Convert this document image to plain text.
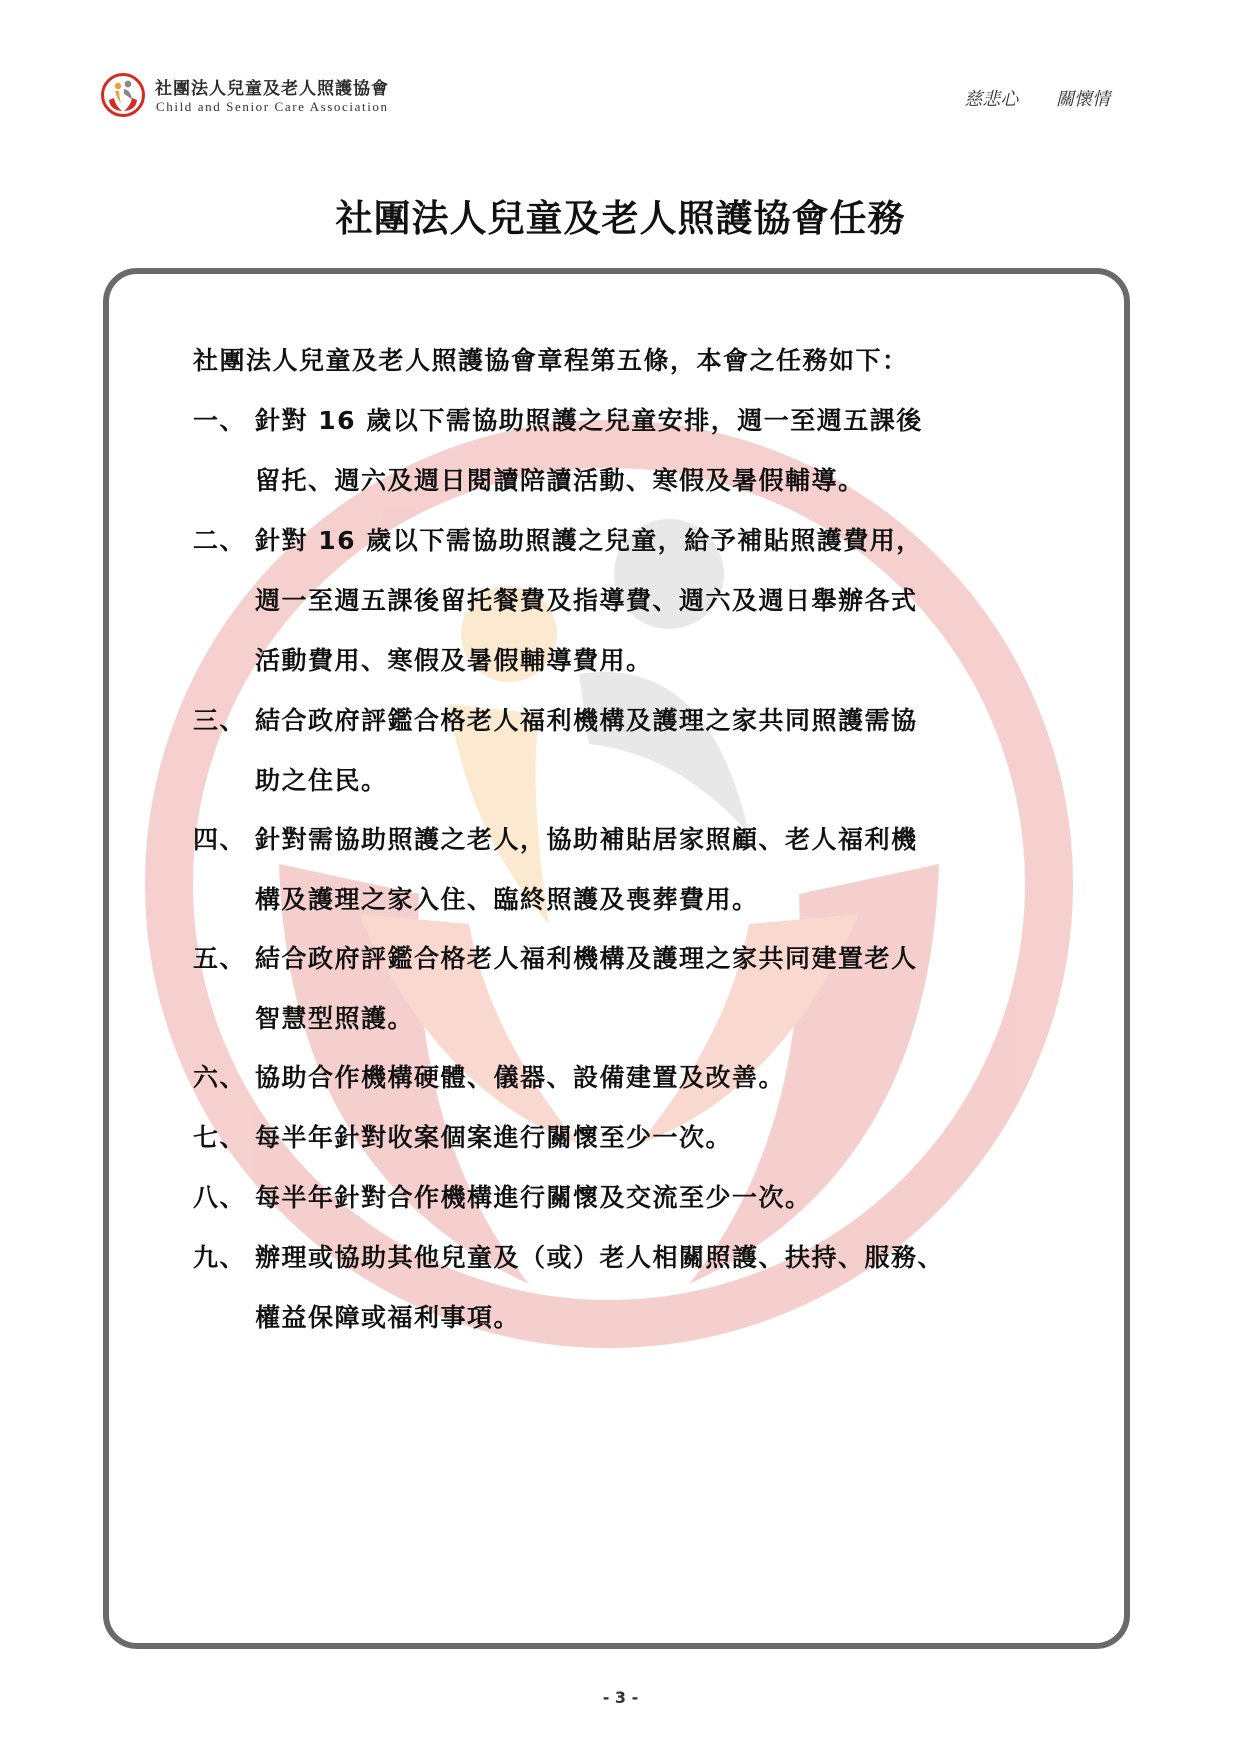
社團法人兒童及老人照護協會
Child and Senior Care Association	慈悲心 關懷情
社團法人兒童及老人照護協會任務
社團法人兒童及老人照護協會章程第五條，本會之任務如下：
一、 針對 16 歲以下需協助照護之兒童安排，週一至週五課後
留托、週六及週日閱讀陪讀活動、寒假及暑假輔導。
二、 針對 16 歲以下需協助照護之兒童，給予補貼照護費用，
週一至週五課後留托餐費及指導費、週六及週日舉辦各式
活動費用、寒假及暑假輔導費用。
三、 結合政府評鑑合格老人福利機構及護理之家共同照護需協
助之住民。
四、 針對需協助照護之老人，協助補貼居家照顧、老人福利機
構及護理之家入住、臨終照護及喪葬費用。
五、 結合政府評鑑合格老人福利機構及護理之家共同建置老人
智慧型照護。
六、 協助合作機構硬體、儀器、設備建置及改善。
七、 每半年針對收案個案進行關懷至少一次。
八、 每半年針對合作機構進行關懷及交流至少一次。
九、 辦理或協助其他兒童及（或）老人相關照護、扶持、服務、
權益保障或福利事項。
- 3 -
